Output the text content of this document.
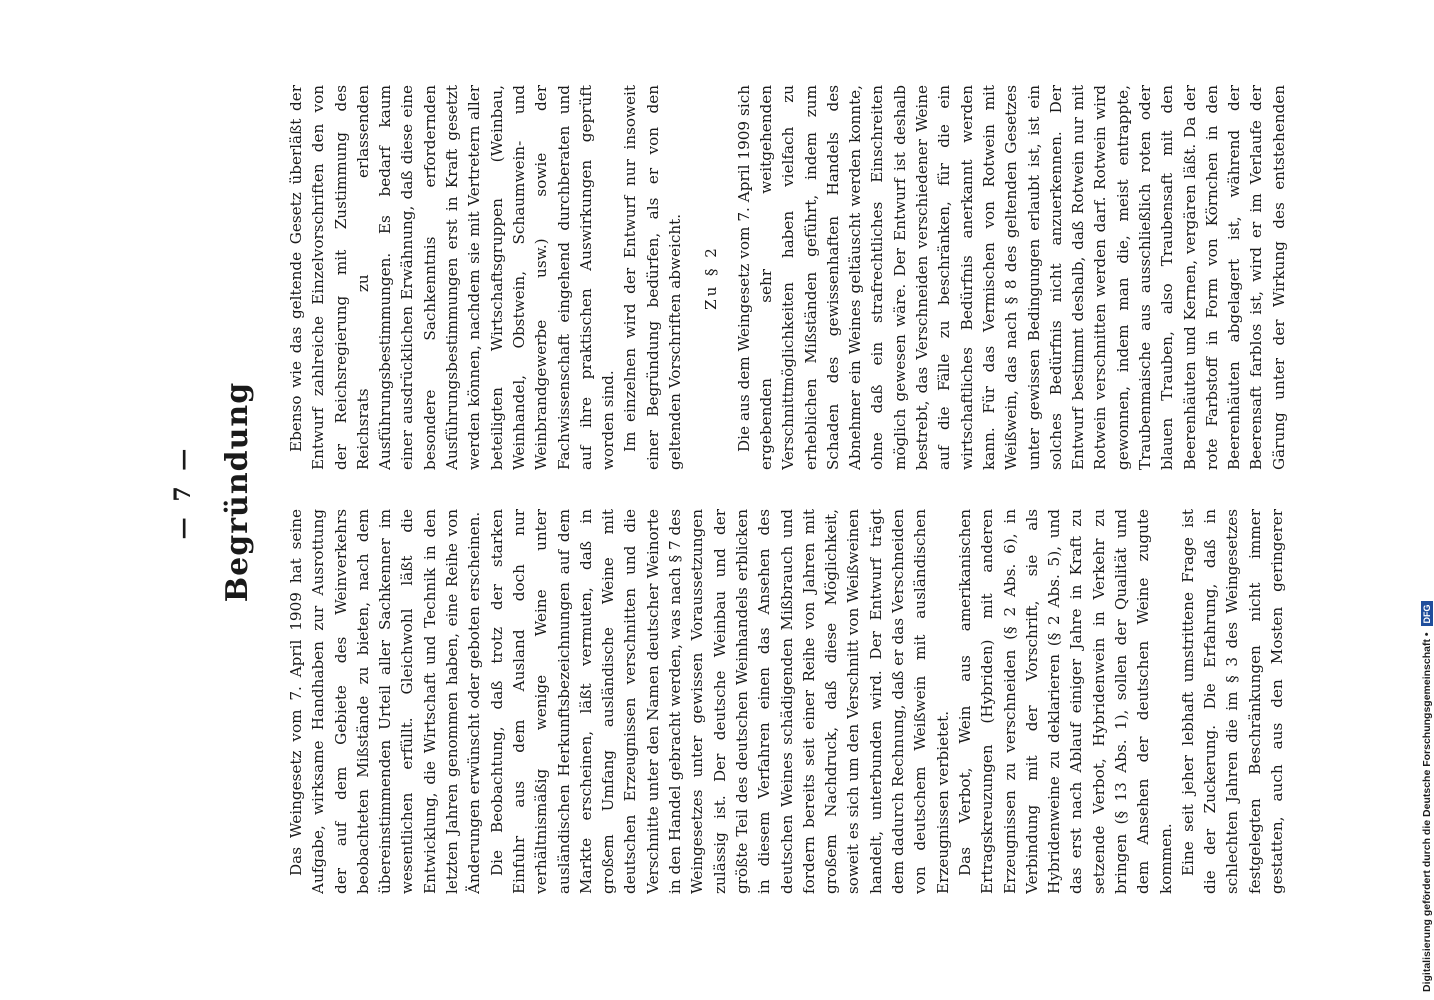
— 7 — Begründung

Das Weingesetz vom 7. April 1909 hat seine Aufgabe, wirksame Handhaben zur Ausrottung der auf dem Gebiete des Weinverkehrs beobachteten Mißstände zu bieten, nach dem übereinstimmenden Urteil aller Sachkenner im wesentlichen erfüllt. Gleichwohl läßt die Entwicklung, die Wirtschaft und Technik in den letzten Jahren genommen haben, eine Reihe von Änderungen erwünscht oder geboten erscheinen. Die Beobachtung, daß trotz der starken Einfuhr aus dem Ausland doch nur verhältnismäßig wenige Weine unter ausländischen Herkunftsbezeichnungen auf dem Markte erscheinen, läßt vermuten, daß in großem Umfang ausländische Weine mit deutschen Erzeugnissen verschnitten und die Verschnitte unter den Namen deutscher Weinorte in den Handel gebracht werden, was nach § 7 des Weingesetzes unter gewissen Voraussetzungen zulässig ist. Der deutsche Weinbau und der größte Teil des deutschen Weinhandels erblicken in diesem Verfahren einen das Ansehen des deutschen Weines schädigenden Mißbrauch und fordern bereits seit einer Reihe von Jahren mit großem Nachdruck, daß diese Möglichkeit, soweit es sich um den Verschnitt von Weißweinen handelt, unterbunden wird. Der Entwurf trägt dem dadurch Rechnung, daß er das Verschneiden von deutschem Weißwein mit ausländischen Erzeugnissen verbietet. Das Verbot, Wein aus amerikanischen Ertragskreuzungen (Hybriden) mit anderen Erzeugnissen zu verschneiden (§ 2 Abs. 6), in Verbindung mit der Vorschrift, sie als Hybridenweine zu deklarieren (§ 2 Abs. 5), und das erst nach Ablauf einiger Jahre in Kraft zu setzende Verbot, Hybridenwein in Verkehr zu bringen (§ 13 Abs. 1), sollen der Qualität und dem Ansehen der deutschen Weine zugute kommen. Eine seit jeher lebhaft umstrittene Frage ist die der Zuckerung. Die Erfahrung, daß in schlechten Jahren die im § 3 des Weingesetzes festgelegten Beschränkungen nicht immer gestatten, auch aus den Mosten geringerer

Ebenso wie das geltende Gesetz überläßt der Entwurf zahlreiche Einzelvorschriften den von der Reichsregierung mit Zustimmung des Reichsrats zu erlassenden Ausführungsbestimmungen. Es bedarf kaum einer ausdrücklichen Erwähnung, daß diese eine besondere Sachkenntnis erfordernden Ausführungsbestimmungen erst in Kraft gesetzt werden können, nachdem sie mit Vertretern aller beteiligten Wirtschaftsgruppen (Weinbau, Weinhandel, Obstwein, Schaumwein- und Weinbrandgewerbe usw.) sowie der Fachwissenschaft eingehend durchberaten und auf ihre praktischen Auswirkungen geprüft worden sind. Im einzelnen wird der Entwurf nur insoweit einer Begründung bedürfen, als er von den geltenden Vorschriften abweicht. Zu § 2

Die aus dem Weingesetz vom 7. April 1909 sich ergebenden sehr weitgehenden Verschnittmöglichkeiten haben vielfach zu erheblichen Mißständen geführt, indem zum Schaden des gewissenhaften Handels des Abnehmer ein Weines geltäuscht werden konnte, ohne daß ein strafrechtliches Einschreiten möglich gewesen wäre. Der Entwurf ist deshalb bestrebt, das Verschneiden verschiedener Weine auf die Fälle zu beschränken, für die ein wirtschaftliches Bedürfnis anerkannt werden kann. Für das Vermischen von Rotwein mit Weißwein, das nach § 8 des geltenden Gesetzes unter gewissen Bedingungen erlaubt ist, ist ein solches Bedürfnis nicht anzuerkennen. Der Entwurf bestimmt deshalb, daß Rotwein nur mit Rotwein verschnitten werden darf. Rotwein wird gewonnen, indem man die, meist entrappte, Traubenmaische aus ausschließlich roten oder blauen Trauben, also Traubensaft mit den Beerenhäuten und Kernen, vergären läßt. Da der rote Farbstoff in Form von Körnchen in den Beerenhäuten abgelagert ist, während der Beerensaft farblos ist, wird er im Verlaufe der Gärung unter der Wirkung des entstehenden

Digitalisierung gefördert durch die Deutsche Forschungsgemeinschaft • DFG
